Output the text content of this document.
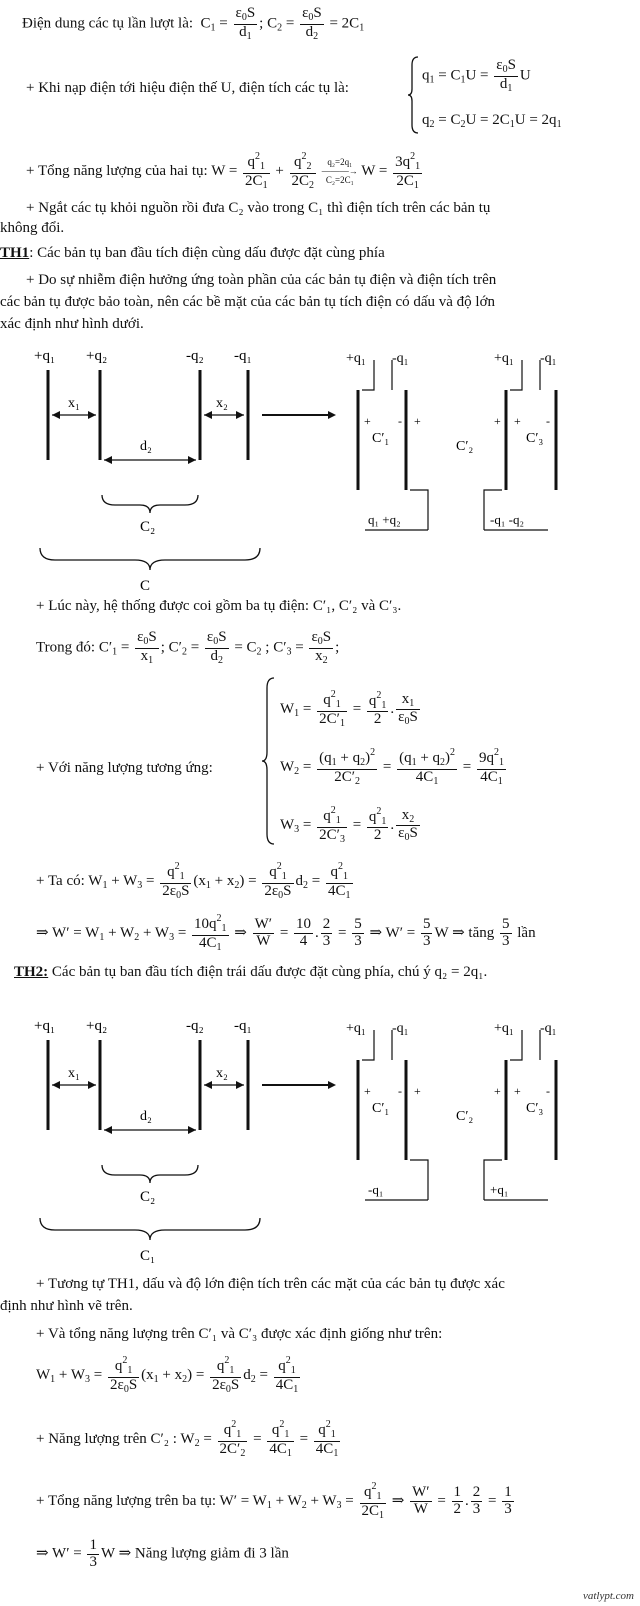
Điện dung các tụ lần lượt là:  $C_1 = \frac{\varepsilon_0S}{d_1}$ ; $C_2 = \frac{\varepsilon_0S}{d_2} = 2C_1$
+ Khi nạp điện tới hiệu điện thế U, điện tích các tụ là:
$q_1 = C_1U = \frac{\varepsilon_0S}{d_1}$ U
$q_2 = C_2U = 2C_1U = 2q_1$
+ Tổng năng lượng của hai tụ: $W = \frac{q^2_1}{2C_1} + \frac{q^2_2}{2C_2} q_2=2q_1$
———→
C₂=2C₁ $W = \frac{3q^2_1}{2C_1}$
+ Ngắt các tụ khỏi nguồn rồi đưa C₂ vào trong C₁ thì điện tích trên các bản tụ
không đổi.
TH1: Các bản tụ ban đầu tích điện cùng dấu được đặt cùng phía
+ Do sự nhiễm điện hưởng ứng toàn phần của các bản tụ điện và điện tích trên
các bản tụ được bảo toàn, nên các bề mặt của các bản tụ tích điện có dấu và độ lớn
xác định như hình dưới.
+q₁ +q₂	-q₂ -q₁
x₁
d₂
x₂
C₂
C
+q₁ -q₁
q₁ +q₂
C′₁
+ - +
C′₂
+q₁ -q₁
-q₁ -q₂
C′₃
+ + -
+ Lúc này, hệ thống được coi gồm ba tụ điện: C′₁, C′₂ và C′₃.
Trong đó: $C'_1 = \frac{\varepsilon_0S}{x_1}$ ; $C'_2 = \frac{\varepsilon_0S}{d_2} = C_2$ ; $C'_3 = \frac{\varepsilon_0S}{x_2}$ ;
+ Với năng lượng tương ứng:
$W_1 = \frac{q^2_1}{2C'_1} = \frac{q^2_1}{2}$ . $\frac{x_1}{\varepsilon_0S}$
$W_2 = \frac{(q_1 + q_2)^2}{2C'_2} = \frac{(q_1 + q_2)^2}{4C_1} = \frac{9q^2_1}{4C_1}$
$W_3 = \frac{q^2_1}{2C'_3} = \frac{q^2_1}{2}$ . $\frac{x_2}{\varepsilon_0S}$
+ Ta có: $W_1 + W_3 = \frac{q^2_1}{2\varepsilon_0S} (x_1 + x_2) = \frac{q^2_1}{2\varepsilon_0S} d_2 = \frac{q^2_1}{4C_1}$
⇒ $W' = W_1 + W_2 + W_3 = \frac{10q^2_1}{4C_1}$ ⇒ $\frac{W'}{W} = \frac{10}{4}$ . $\frac{2}{3} = \frac{5}{3}$ ⇒ $W' = \frac{5}{3}$ W ⇒ tăng $\frac{5}{3}$ lần
TH2: Các bản tụ ban đầu tích điện trái dấu được đặt cùng phía, chú ý q₂ = 2q₁.
+q₁ +q₂	-q₂ -q₁
x₁
d₂
x₂
C₂
C₁
+q₁ -q₁
-q₁
C′₁
+ - +
C′₂
+q₁ -q₁
+q₁
C′₃
+ + -
+ Tương tự TH1, dấu và độ lớn điện tích trên các mặt của các bản tụ được xác
định như hình vẽ trên.
+ Và tổng năng lượng trên C′₁ và C′₃ được xác định giống như trên:
$W_1 + W_3 = \frac{q^2_1}{2\varepsilon_0S} (x_1 + x_2) = \frac{q^2_1}{2\varepsilon_0S} d_2 = \frac{q^2_1}{4C_1}$
+ Năng lượng trên C′₂ : $W_2 = \frac{q^2_1}{2C'_2} = \frac{q^2_1}{4C_1} = \frac{q^2_1}{4C_1}$
+ Tổng năng lượng trên ba tụ: $W' = W_1 + W_2 + W_3 = \frac{q^2_1}{2C_1}$ ⇒ $\frac{W'}{W} = \frac{1}{2}$ . $\frac{2}{3} = \frac{1}{3}$
⇒ $W' = \frac{1}{3}$ W ⇒ Năng lượng giảm đi 3 lần
vatlypt.com
